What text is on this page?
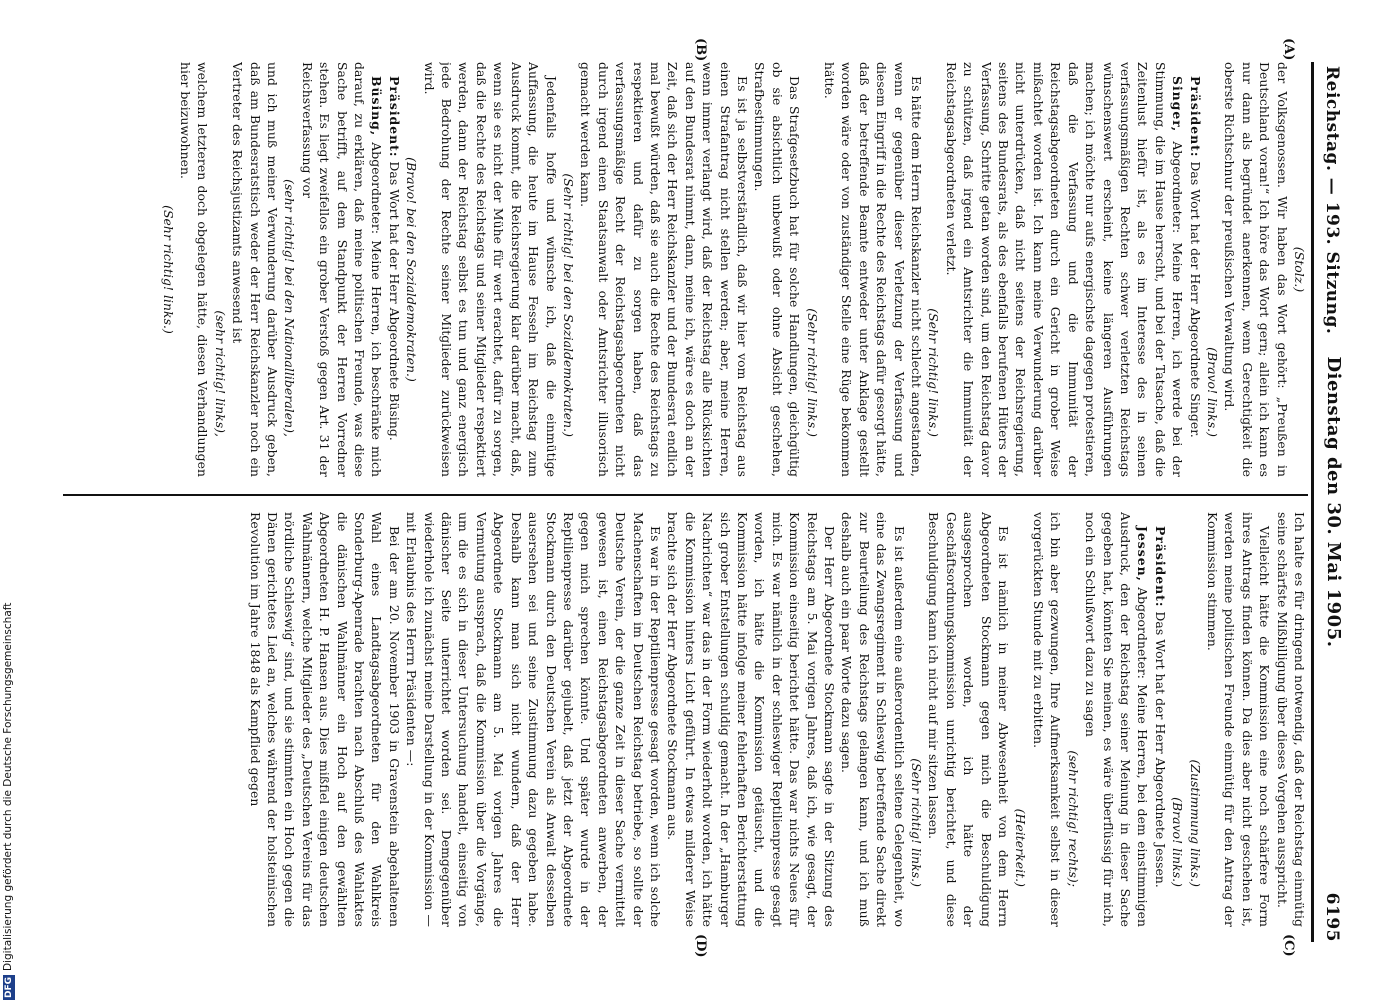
Reichstag. — 193. Sitzung.
Dienstag den 30. Mai 1905.
6195

(Stolz.)

der Volksgenossen. Wir haben das Wort gehört: „Preußen in Deutschland voran!“ Ich höre das Wort gern; allein ich kann es nur dann als begründet anerkennen, wenn Gerechtigkeit die oberste Richtschnur der preußischen Verwaltung wird.

(Bravo! links.)

Präsident: Das Wort hat der Herr Abgeordnete Singer.

Singer, Abgeordneter: Meine Herren, ich werde bei der Stimmung, die im Hause herrscht, und bei der Tatsache, daß die Zeitenlust hiefür ist, als es im Interesse des in seinen verfassungsmäßigen Rechten schwer verletzten Reichstags wünschenswert erscheint, keine längeren Ausführungen machen; ich möchte nur aufs energischste dagegen protestieren, daß die Verfassung und die Immunität der Reichstagsabgeordneten durch ein Gericht in grober Weise mißachtet worden ist. Ich kann meine Verwunderung darüber nicht unterdrücken, daß nicht seitens der Reichsregierung, seitens des Bundesrats, als des ebenfalls berufenen Hüters der Verfassung, Schritte getan worden sind, um den Reichstag davor zu schützen, daß irgend ein Amtsrichter die Immunität der Reichstagsabgeordneten verletzt.

(Sehr richtig! links.)

Es hätte dem Herrn Reichskanzler nicht schlecht angestanden, wenn er gegenüber dieser Verletzung der Verfassung und diesem Eingriff in die Rechte des Reichstags dafür gesorgt hätte, daß der betreffende Beamte entweder unter Anklage gestellt worden wäre oder von zuständiger Stelle eine Rüge bekommen hätte.

(Sehr richtig! links.)

Das Strafgesetzbuch hat für solche Handlungen, gleichgültig ob sie absichtlich unbewußt oder ohne Absicht geschehen, Strafbestimmungen.

Es ist ja selbstverständlich, daß wir hier vom Reichstag aus einen Strafantrag nicht stellen werden; aber, meine Herren, wenn immer verlangt wird, daß der Reichstag alle Rücksichten auf den Bundesrat nimmt, dann, meine ich, wäre es doch an der Zeit, daß sich der Herr Reichskanzler und der Bundesrat endlich mal bewußt würden, daß sie auch die Rechte des Reichstags zu respektieren und dafür zu sorgen haben, daß das verfassungsmäßige Recht der Reichstagsabgeordneten nicht durch irgend einen Staatsanwalt oder Amtsrichter illusorisch gemacht werden kann.

(Sehr richtig! bei den Sozialdemokraten.)

Jedenfalls hoffe und wünsche ich, daß die einmütige Auffassung, die heute im Hause Fesseln im Reichstag zum Ausdruck kommt, die Reichsregierung klar darüber macht, daß, wenn sie es nicht der Mühe für wert erachtet, dafür zu sorgen, daß die Rechte des Reichstags und seiner Mitglieder respektiert werden, dann der Reichstag selbst es tun und ganz energisch jede Bedrohung der Rechte seiner Mitglieder zurückweisen wird.

(Bravo! bei den Sozialdemokraten.)

Präsident: Das Wort hat der Herr Abgeordnete Büsing.

Büsing, Abgeordneter: Meine Herren, ich beschränke mich darauf, zu erklären, daß meine politischen Freunde, was diese Sache betrifft, auf dem Standpunkt der Herren Vorredner stehen. Es liegt zweifellos ein grober Verstoß gegen Art. 31 der Reichsverfassung vor

(sehr richtig! bei den Nationalliberalen),

und ich muß meiner Verwunderung darüber Ausdruck geben, daß am Bundesratstisch weder der Herr Reichskanzler noch ein Vertreter des Reichsjustizamts anwesend ist

(sehr richtig! links),

welchem letzteren doch obgelegen hätte, diesen Verhandlungen hier beizuwohnen.

(Sehr richtig! links.)

Ich halte es für dringend notwendig, daß der Reichstag einmütig seine schärfste Mißbilligung über dieses Vorgehen ausspricht.

Vielleicht hätte die Kommission eine noch schärfere Form ihres Antrags finden können. Da dies aber nicht geschehen ist, werden meine politischen Freunde einmütig für den Antrag der Kommission stimmen.

(Zustimmung links.)

(Bravo! links.)

Präsident: Das Wort hat der Herr Abgeordnete Jessen.

Jessen, Abgeordneter: Meine Herren, bei dem einstimmigen Ausdruck, den der Reichstag seiner Meinung in dieser Sache gegeben hat, könnten Sie meinen, es wäre überflüssig für mich, noch ein Schlußwort dazu zu sagen

(sehr richtig! rechts);

ich bin aber gezwungen, Ihre Aufmerksamkeit selbst in dieser vorgerückten Stunde mit zu erbitten.

(Heiterkeit.)

Es ist nämlich in meiner Abwesenheit von dem Herrn Abgeordneten Stockmann gegen mich die Beschuldigung ausgesprochen worden, ich hätte der Geschäftsordnungskommission unrichtig berichtet, und diese Beschuldigung kann ich nicht auf mir sitzen lassen.

(Sehr richtig! links.)

Es ist außerdem eine außerordentlich seltene Gelegenheit, wo eine das Zwangsregiment in Schleswig betreffende Sache direkt zur Beurteilung des Reichstags gelangen kann, und ich muß deshalb auch ein paar Worte dazu sagen.

Der Herr Abgeordnete Stockmann sagte in der Sitzung des Reichstags am 5. Mai vorigen Jahres, daß ich, wie gesagt, der Kommission einseitig berichtet hätte. Das war nichts Neues für mich. Es war nämlich in der schleswiger Reptilienpresse gesagt worden, ich hätte die Kommission getäuscht, und die Kommission hätte infolge meiner fehlerhaften Berichterstattung sich grober Entstellungen schuldig gemacht. In der „Hamburger Nachrichten“ war das in der Form wiederholt worden, ich hätte die Kommission hinters Licht geführt. In etwas milderer Weise brachte sich der Herr Abgeordnete Stockmann aus.

Es war in der Reptilienpresse gesagt worden, wenn ich solche Machenschaften im Deutschen Reichstag betriebe, so sollte der Deutsche Verein, der die ganze Zeit in dieser Sache vermittelt gewesen ist, einen Reichstagsabgeordneten anwerben, der gegen mich sprechen könnte. Und später wurde in der Reptilienpresse darüber gejubelt, daß jetzt der Abgeordnete Stockmann durch den Deutschen Verein als Anwalt desselben ausersehen sei und seine Zustimmung dazu gegeben habe. Deshalb kann man sich nicht wundern, daß der Herr Abgeordnete Stockmann am 5. Mai vorigen Jahres die Vermutung aussprach, daß die Kommission über die Vorgänge, um die es sich in dieser Untersuchung handelt, einseitig von dänischer Seite unterrichtet worden sei. Demgegenüber wiederhole ich zunächst meine Darstellung in der Kommission — mit Erlaubnis des Herrn Präsidenten —:

Bei der am 20. November 1903 in Gravenstein abgehaltenen Wahl eines Landtagsabgeordneten für den Wahlkreis Sonderburg-Apenrade brachten nach Abschluß des Wahlaktes die dänischen Wahlmänner ein Hoch auf den gewählten Abgeordneten H. P. Hansen aus. Dies mißfiel einigen deutschen Wahlmännern, welche Mitglieder des „Deutschen Vereins für das nördliche Schleswig“ sind, und sie stimmten ein Hoch gegen die Dänen gerichtetes Lied an, welches während der holsteinischen Revolution im Jahre 1848 als Kampflied gegen

(A)
(B)
(C)
(D)
DFGDigitalisierung gefördert durch die Deutsche Forschungsgemeinschaft
